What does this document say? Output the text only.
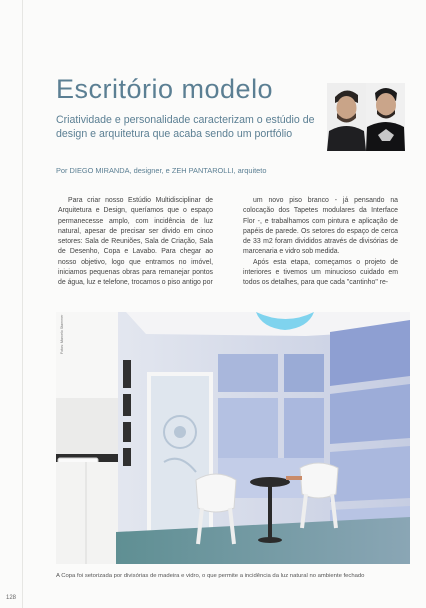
Escritório modelo

Criatividade e personalidade caracterizam o estúdio de design e arquitetura que acaba sendo um portfólio

Por DIEGO MIRANDA, designer, e ZEH PANTAROLLI, arquiteto

Para criar nosso Estúdio Multidisciplinar de Arquitetura e Design, queríamos que o espaço permanecesse amplo, com incidência de luz natural, apesar de precisar ser divido em cinco setores: Sala de Reuniões, Sala de Criação, Sala de Desenho, Copa e Lavabo. Para chegar ao nosso objetivo, logo que entramos no imóvel, iniciamos pequenas obras para remanejar pontos de água, luz e telefone, trocamos o piso antigo por

um novo piso branco - já pensando na colocação dos Tapetes modulares da Interface Flor -, e trabalhamos com pintura e aplicação de papéis de parede. Os setores do espaço de cerca de 33 m2 foram divididos através de divisórias de marcenaria e vidro sob medida.

Após esta etapa, começamos o projeto de interiores e tivemos um minucioso cuidado em todos os detalhes, para que cada "cantinho" re-

Fotos: Marcelo Stammer

A Copa foi setorizada por divisórias de madeira e vidro, o que permite a incidência da luz natural no ambiente fechado

128
